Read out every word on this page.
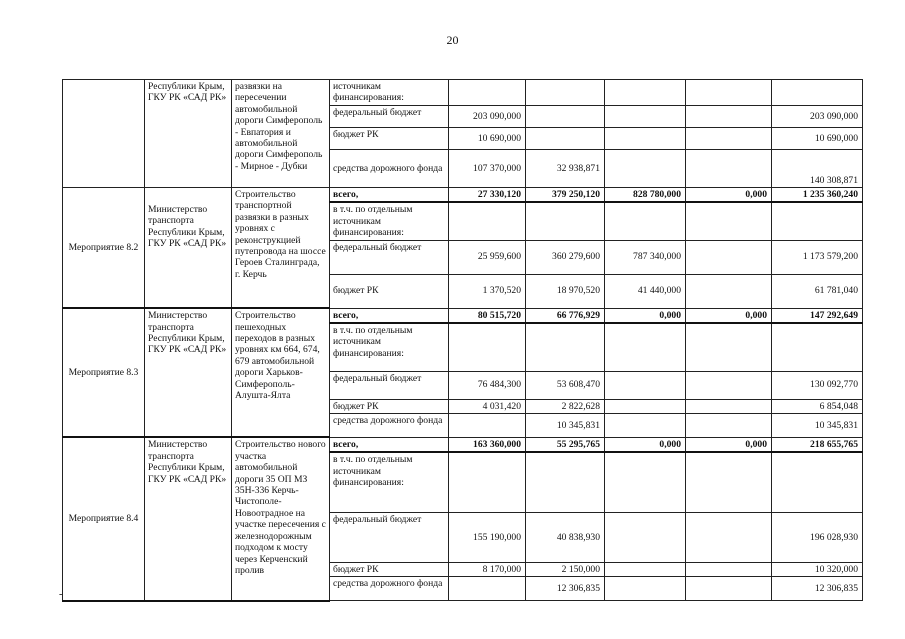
20
	Республики Крым, ГКУ РК «САД РК»	развязки на пересечении автомобильной дороги Симферополь - Евпатория и автомобильной дороги Симферополь - Мирное - Дубки	источникам финансирования:					
			федеральный бюджет	203 090,000				203 090,000
			бюджет РК	10 690,000				10 690,000
			средства дорожного фонда	107 370,000	32 938,871			140 308,871
Мероприятие 8.2	Министерство транспорта Республики Крым, ГКУ РК «САД РК»	Строительство транспортной развязки в разных уровнях с реконструкцией путепровода на шоссе Героев Сталинграда, г. Керчь	всего,	27 330,120	379 250,120	828 780,000	0,000	1 235 360,240
			в т.ч. по отдельным источникам финансирования:					
			федеральный бюджет	25 959,600	360 279,600	787 340,000		1 173 579,200
			бюджет РК	1 370,520	18 970,520	41 440,000		61 781,040
Мероприятие 8.3	Министерство транспорта Республики Крым, ГКУ РК «САД РК»	Строительство пешеходных переходов в разных уровнях км 664, 674, 679 автомобильной дороги Харьков-Симферополь-Алушта-Ялта	всего,	80 515,720	66 776,929	0,000	0,000	147 292,649
			в т.ч. по отдельным источникам финансирования:					
			федеральный бюджет	76 484,300	53 608,470			130 092,770
			бюджет РК	4 031,420	2 822,628			6 854,048
			средства дорожного фонда		10 345,831			10 345,831
Мероприятие 8.4	Министерство транспорта Республики Крым, ГКУ РК «САД РК»	Строительство нового участка автомобильной дороги 35 ОП МЗ 35Н-336 Керчь-Чистополе-Новоотрадное на участке пересечения с железнодорожным подходом к мосту через Керченский пролив	всего,	163 360,000	55 295,765	0,000	0,000	218 655,765
			в т.ч. по отдельным источникам финансирования:					
			федеральный бюджет	155 190,000	40 838,930			196 028,930
			бюджет РК	8 170,000	2 150,000			10 320,000
			средства дорожного фонда		12 306,835			12 306,835
-
